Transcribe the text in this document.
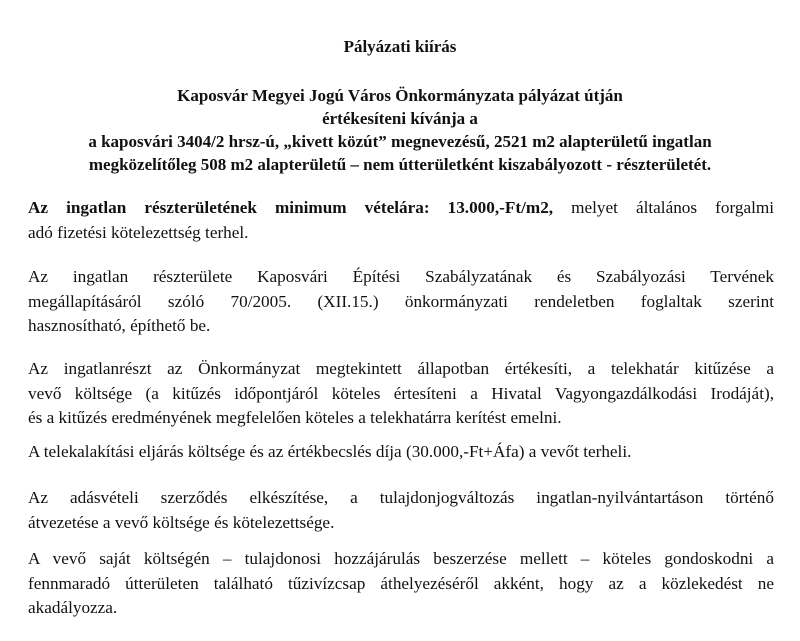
Pályázati kiírás
Kaposvár Megyei Jogú Város Önkormányzata pályázat útján
értékesíteni kívánja a
a kaposvári 3404/2 hrsz-ú, „kivett közút” megnevezésű, 2521 m2 alapterületű ingatlan
megközelítőleg 508 m2 alapterületű – nem útterületként kiszabályozott - részterületét.
Az ingatlan részterületének minimum vételára: 13.000,-Ft/m2, melyet általános forgalmi
adó fizetési kötelezettség terhel.
Az ingatlan részterülete Kaposvári Építési Szabályzatának és Szabályozási Tervének
megállapításáról szóló 70/2005. (XII.15.) önkormányzati rendeletben foglaltak szerint
hasznosítható, építhető be.
Az ingatlanrészt az Önkormányzat megtekintett állapotban értékesíti, a telekhatár kitűzése a
vevő költsége (a kitűzés időpontjáról köteles értesíteni a Hivatal Vagyongazdálkodási Irodáját),
és a kitűzés eredményének megfelelően köteles a telekhatárra kerítést emelni.
A telekalakítási eljárás költsége és az értékbecslés díja (30.000,-Ft+Áfa) a vevőt terheli.
Az adásvételi szerződés elkészítése, a tulajdonjogváltozás ingatlan-nyilvántartáson történő
átvezetése a vevő költsége és kötelezettsége.
A vevő saját költségén – tulajdonosi hozzájárulás beszerzése mellett – köteles gondoskodni a
fennmaradó útterületen található tűzivízcsap áthelyezéséről akként, hogy az a közlekedést ne
akadályozza.
